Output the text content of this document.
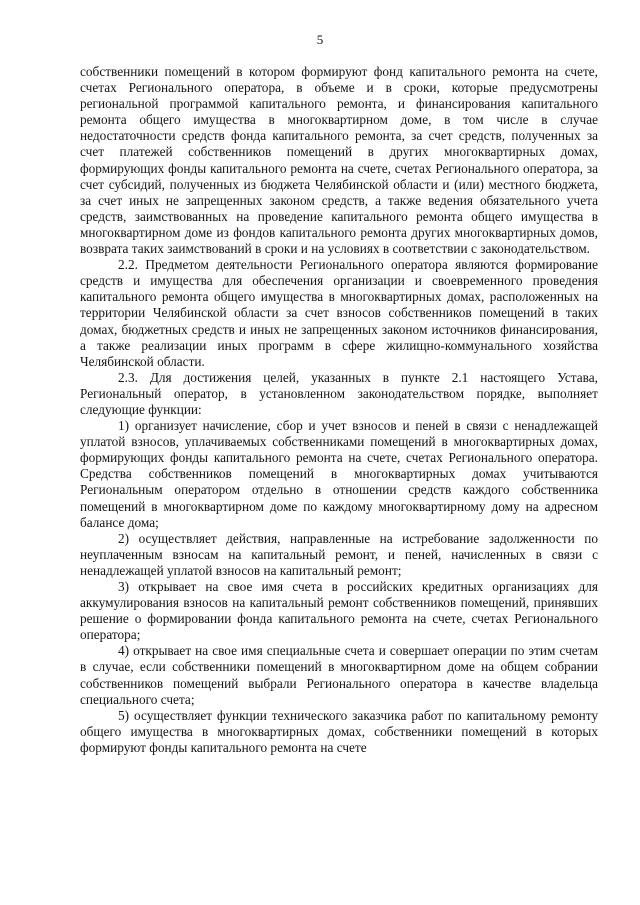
5

собственники помещений в котором формируют фонд капитального ремонта на счете, счетах Регионального оператора, в объеме и в сроки, которые предусмотрены региональной программой капитального ремонта, и финансирования капитального ремонта общего имущества в многоквартирном доме, в том числе в случае недостаточности средств фонда капитального ремонта, за счет средств, полученных за счет платежей собственников помещений в других многоквартирных домах, формирующих фонды капитального ремонта на счете, счетах Регионального оператора, за счет субсидий, полученных из бюджета Челябинской области и (или) местного бюджета, за счет иных не запрещенных законом средств, а также ведения обязательного учета средств, заимствованных на проведение капитального ремонта общего имущества в многоквартирном доме из фондов капитального ремонта других многоквартирных домов, возврата таких заимствований в сроки и на условиях в соответствии с законодательством.

2.2. Предметом деятельности Регионального оператора являются формирование средств и имущества для обеспечения организации и своевременного проведения капитального ремонта общего имущества в многоквартирных домах, расположенных на территории Челябинской области за счет взносов собственников помещений в таких домах, бюджетных средств и иных не запрещенных законом источников финансирования, а также реализации иных программ в сфере жилищно-коммунального хозяйства Челябинской области.

2.3. Для достижения целей, указанных в пункте 2.1 настоящего Устава, Региональный оператор, в установленном законодательством порядке, выполняет следующие функции:

1) организует начисление, сбор и учет взносов и пеней в связи с ненадлежащей уплатой взносов, уплачиваемых собственниками помещений в многоквартирных домах, формирующих фонды капитального ремонта на счете, счетах Регионального оператора. Средства собственников помещений в многоквартирных домах учитываются Региональным оператором отдельно в отношении средств каждого собственника помещений в многоквартирном доме по каждому многоквартирному дому на адресном балансе дома;

2) осуществляет действия, направленные на истребование задолженности по неуплаченным взносам на капитальный ремонт, и пеней, начисленных в связи с ненадлежащей уплатой взносов на капитальный ремонт;

3) открывает на свое имя счета в российских кредитных организациях для аккумулирования взносов на капитальный ремонт собственников помещений, принявших решение о формировании фонда капитального ремонта на счете, счетах Регионального оператора;

4) открывает на свое имя специальные счета и совершает операции по этим счетам в случае, если собственники помещений в многоквартирном доме на общем собрании собственников помещений выбрали Регионального оператора в качестве владельца специального счета;

5) осуществляет функции технического заказчика работ по капитальному ремонту общего имущества в многоквартирных домах, собственники помещений в которых формируют фонды капитального ремонта на счете
